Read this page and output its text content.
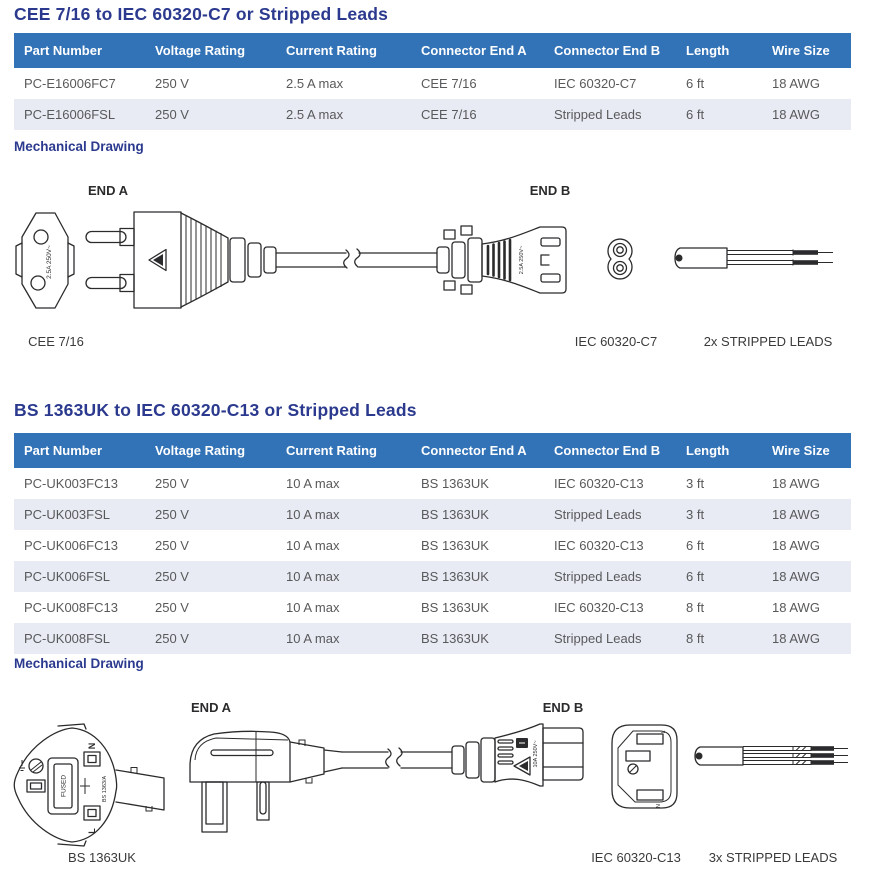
CEE 7/16 to IEC 60320-C7 or Stripped Leads
Part Number	Voltage Rating	Current Rating	Connector End A	Connector End B	Length	Wire Size
PC-E16006FC7	250 V	2.5 A max	CEE 7/16	IEC 60320-C7	6 ft	18 AWG
PC-E16006FSL	250 V	2.5 A max	CEE 7/16	Stripped Leads	6 ft	18 AWG
Mechanical Drawing
END A	END B
2.5A 250V~	2.5A 250V~
CEE 7/16	IEC 60320-C7	2x STRIPPED LEADS
BS 1363UK to IEC 60320-C13 or Stripped Leads
Part Number	Voltage Rating	Current Rating	Connector End A	Connector End B	Length	Wire Size
PC-UK003FC13	250 V	10 A max	BS 1363UK	IEC 60320-C13	3 ft	18 AWG
PC-UK003FSL	250 V	10 A max	BS 1363UK	Stripped Leads	3 ft	18 AWG
PC-UK006FC13	250 V	10 A max	BS 1363UK	IEC 60320-C13	6 ft	18 AWG
PC-UK006FSL	250 V	10 A max	BS 1363UK	Stripped Leads	6 ft	18 AWG
PC-UK008FC13	250 V	10 A max	BS 1363UK	IEC 60320-C13	8 ft	18 AWG
PC-UK008FSL	250 V	10 A max	BS 1363UK	Stripped Leads	8 ft	18 AWG
Mechanical Drawing
END A	END B
FUSED
N
L
BS 1363/A
10A 250V~
L
N
BS 1363UK	IEC 60320-C13 3x STRIPPED LEADS
